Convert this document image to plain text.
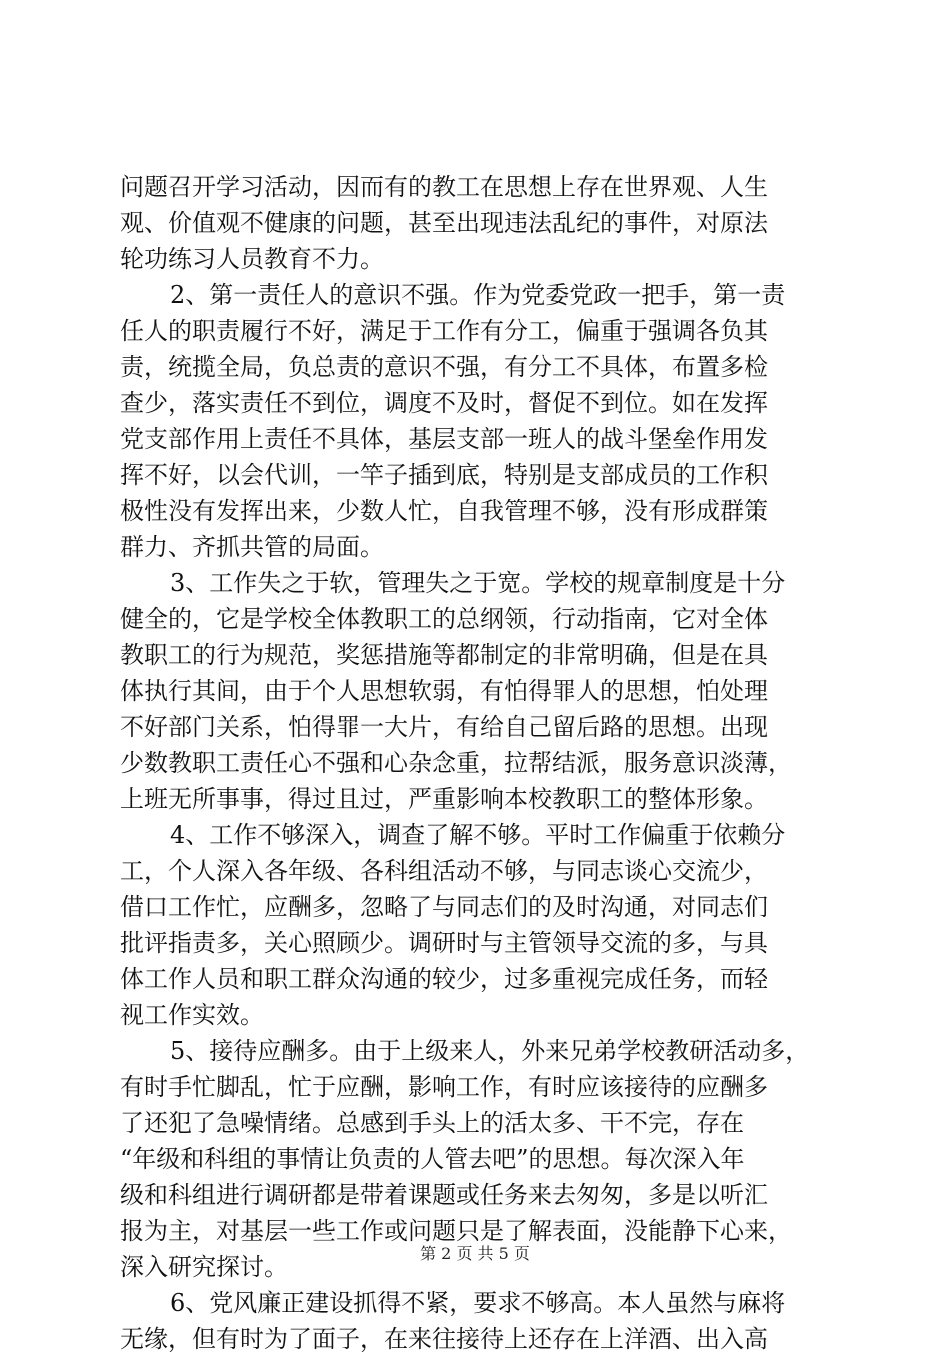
问题召开学习活动，因而有的教工在思想上存在世界观、人生
观、价值观不健康的问题，甚至出现违法乱纪的事件，对原法
轮功练习人员教育不力。
2、第一责任人的意识不强。作为党委党政一把手，第一责
任人的职责履行不好，满足于工作有分工，偏重于强调各负其
责，统揽全局，负总责的意识不强，有分工不具体，布置多检
查少，落实责任不到位，调度不及时，督促不到位。如在发挥
党支部作用上责任不具体，基层支部一班人的战斗堡垒作用发
挥不好，以会代训，一竿子插到底，特别是支部成员的工作积
极性没有发挥出来，少数人忙，自我管理不够，没有形成群策
群力、齐抓共管的局面。
3、工作失之于软，管理失之于宽。学校的规章制度是十分
健全的，它是学校全体教职工的总纲领，行动指南，它对全体
教职工的行为规范，奖惩措施等都制定的非常明确，但是在具
体执行其间，由于个人思想软弱，有怕得罪人的思想，怕处理
不好部门关系，怕得罪一大片，有给自己留后路的思想。出现
少数教职工责任心不强和心杂念重，拉帮结派，服务意识淡薄，
上班无所事事，得过且过，严重影响本校教职工的整体形象。
4、工作不够深入，调查了解不够。平时工作偏重于依赖分
工，个人深入各年级、各科组活动不够，与同志谈心交流少，
借口工作忙，应酬多，忽略了与同志们的及时沟通，对同志们
批评指责多，关心照顾少。调研时与主管领导交流的多，与具
体工作人员和职工群众沟通的较少，过多重视完成任务，而轻
视工作实效。
5、接待应酬多。由于上级来人，外来兄弟学校教研活动多，
有时手忙脚乱，忙于应酬，影响工作，有时应该接待的应酬多
了还犯了急噪情绪。总感到手头上的活太多、干不完，存在
“年级和科组的事情让负责的人管去吧”的思想。每次深入年
级和科组进行调研都是带着课题或任务来去匆匆，多是以听汇
报为主，对基层一些工作或问题只是了解表面，没能静下心来，
深入研究探讨。
6、党风廉正建设抓得不紧，要求不够高。本人虽然与麻将
无缘，但有时为了面子，在来往接待上还存在上洋酒、出入高
第 2 页 共 5 页
